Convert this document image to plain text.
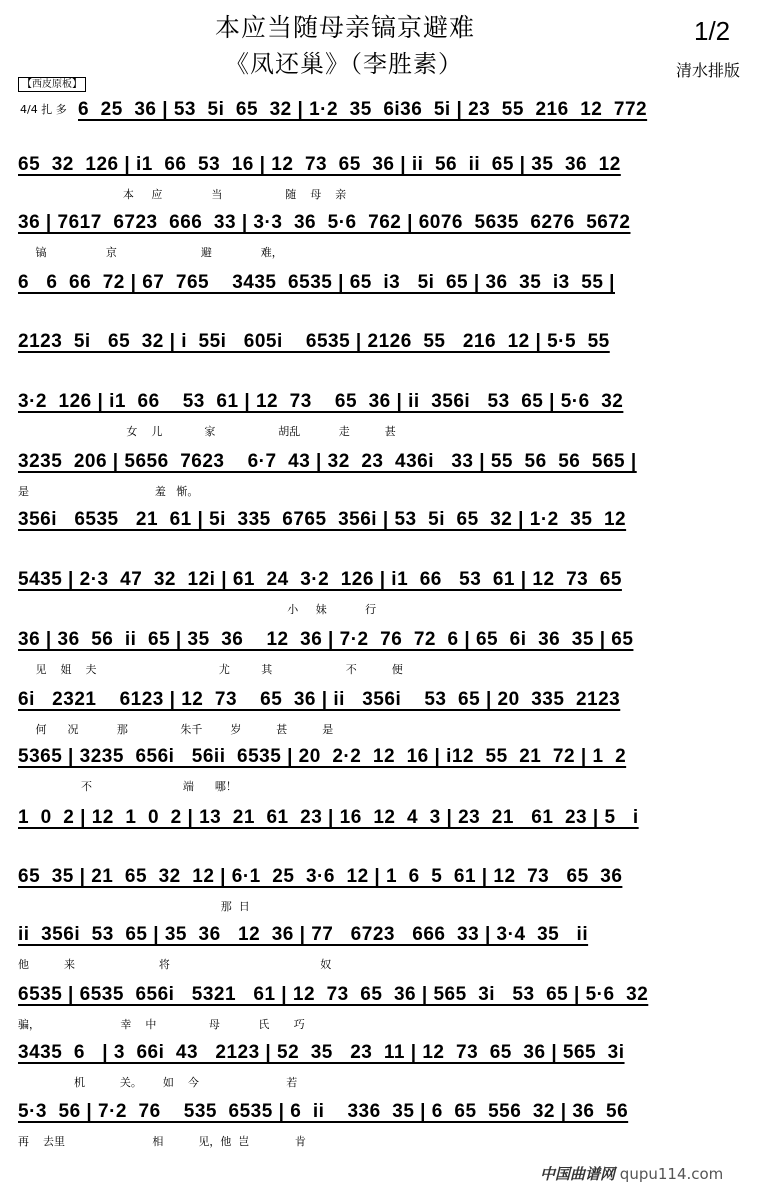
本应当随母亲镐京避难
《凤还巢》（李胜素）
1/2
清水排版
【西皮原板】
4/4 扎 多 6  25  36 | 53  5i  65  32 | 1·2  35  6i36  5i | 23  55  216  12  772
65  32  126 | i1  66  53  16 | 12  73  65  36 | ii  56  ii  65 | 35  36  12
本     应              当                  随    母    亲
36 | 7617  6723  666  33 | 3·3  36  5·6  762 | 6076  5635  6276  5672
镐                 京                        避              难，
6   6  66  72 | 67  765    3435  6535 | 65  i3   5i  65 | 36  35  i3  55 |
2123  5i   65  32 | i  55i   605i    6535 | 2126  55   216  12 | 5·5  55
3·2  126 | i1  66    53  61 | 12  73    65  36 | ii  356i   53  65 | 5·6  32
女    儿            家                  胡乱           走          甚
3235  206 | 5656  7623    6·7  43 | 32  23  436i   33 | 55  56  56  565 |
是                                    羞   惭。
356i   6535   21  61 | 5i  335  6765  356i | 53  5i  65  32 | 1·2  35  12
5435 | 2·3  47  32  12i | 61  24  3·2  126 | i1  66   53  61 | 12  73  65
小     妹           行
36 | 36  56  ii  65 | 35  36    12  36 | 7·2  76  72  6 | 65  6i  36  35 | 65
见    姐    夫                                   尤         其                     不          便
6i   2321    6123 | 12  73    65  36 | ii   356i    53  65 | 20  335  2123
何      况           那               朱千        岁          甚          是
5365 | 3235  656i   56ii  6535 | 20  2·2  12  16 | i12  55  21  72 | 1  2
不                          端      哪！
1  0  2 | 12  1  0  2 | 13  21  61  23 | 16  12  4  3 | 23  21   61  23 | 5   i
65  35 | 21  65  32  12 | 6·1  25  3·6  12 | 1  6  5  61 | 12  73   65  36
那  日
ii  356i  53  65 | 35  36   12  36 | 77   6723   666  33 | 3·4  35   ii
他          来                        将                                           奴
6535 | 6535  656i   5321   61 | 12  73  65  36 | 565  3i   53  65 | 5·6  32
骗，                       幸    中               母           氏       巧
3435  6   | 3  66i  43   2123 | 52  35   23  11 | 12  73  65  36 | 565  3i
机          关。      如    今                         若
5·3  56 | 7·2  76    535  6535 | 6  ii    336  35 | 6  65  556  32 | 36  56
再    去里                         相          见，他  岂             肯
中国曲谱网 qupu114.com
